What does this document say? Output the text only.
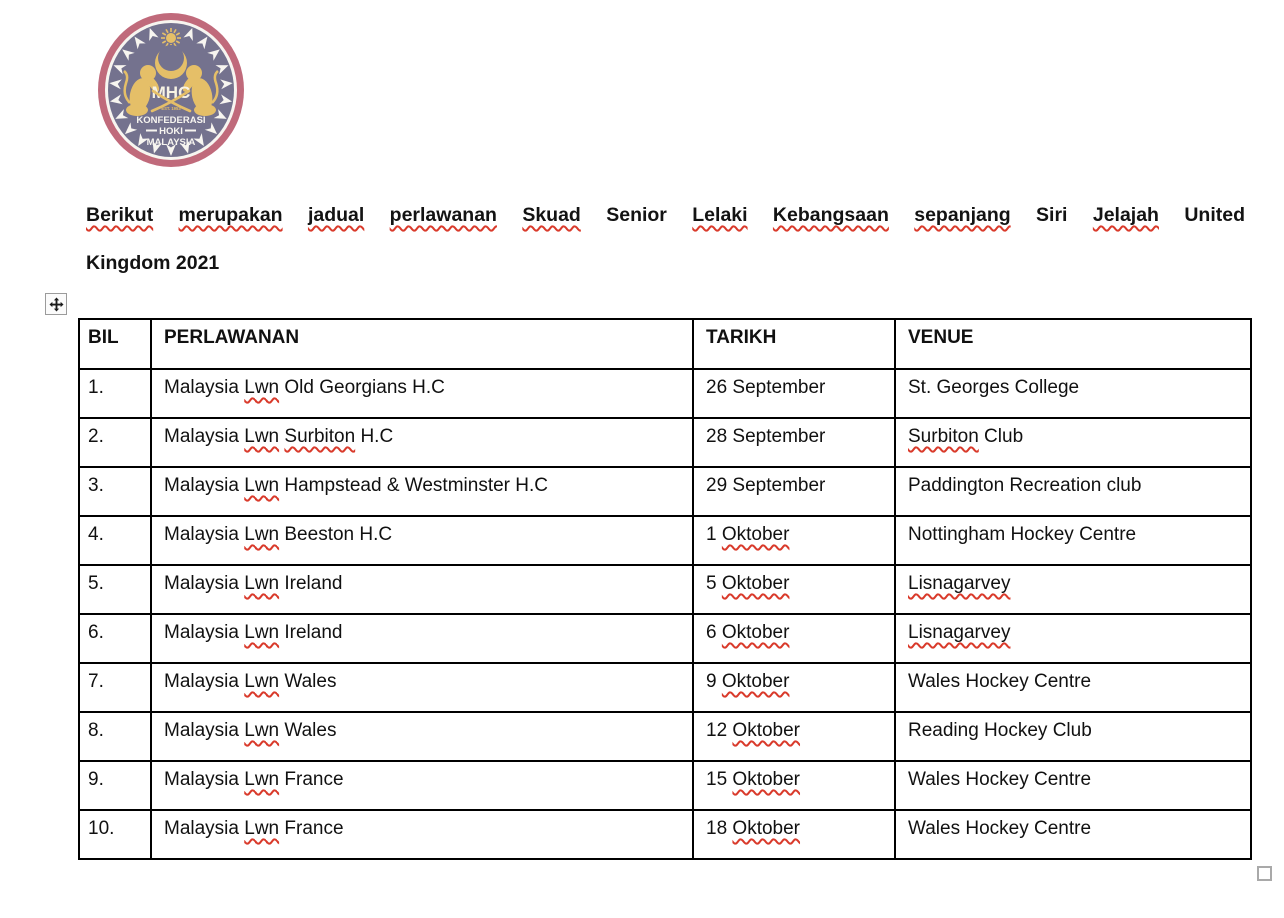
MHC
EST. 1953
KONFEDERASI
HOKI
MALAYSIA
Berikut merupakan jadual perlawanan Skuad Senior Lelaki Kebangsaan sepanjang Siri Jelajah United
Kingdom 2021
BIL	PERLAWANAN	TARIKH	VENUE
1.	Malaysia Lwn Old Georgians H.C	26 September	St. Georges College
2.	Malaysia Lwn Surbiton H.C	28 September	Surbiton Club
3.	Malaysia Lwn Hampstead & Westminster H.C	29 September	Paddington Recreation club
4.	Malaysia Lwn Beeston H.C	1 Oktober	Nottingham Hockey Centre
5.	Malaysia Lwn Ireland	5 Oktober	Lisnagarvey
6.	Malaysia Lwn Ireland	6 Oktober	Lisnagarvey
7.	Malaysia Lwn Wales	9 Oktober	Wales Hockey Centre
8.	Malaysia Lwn Wales	12 Oktober	Reading Hockey Club
9.	Malaysia Lwn France	15 Oktober	Wales Hockey Centre
10.	Malaysia Lwn France	18 Oktober	Wales Hockey Centre
